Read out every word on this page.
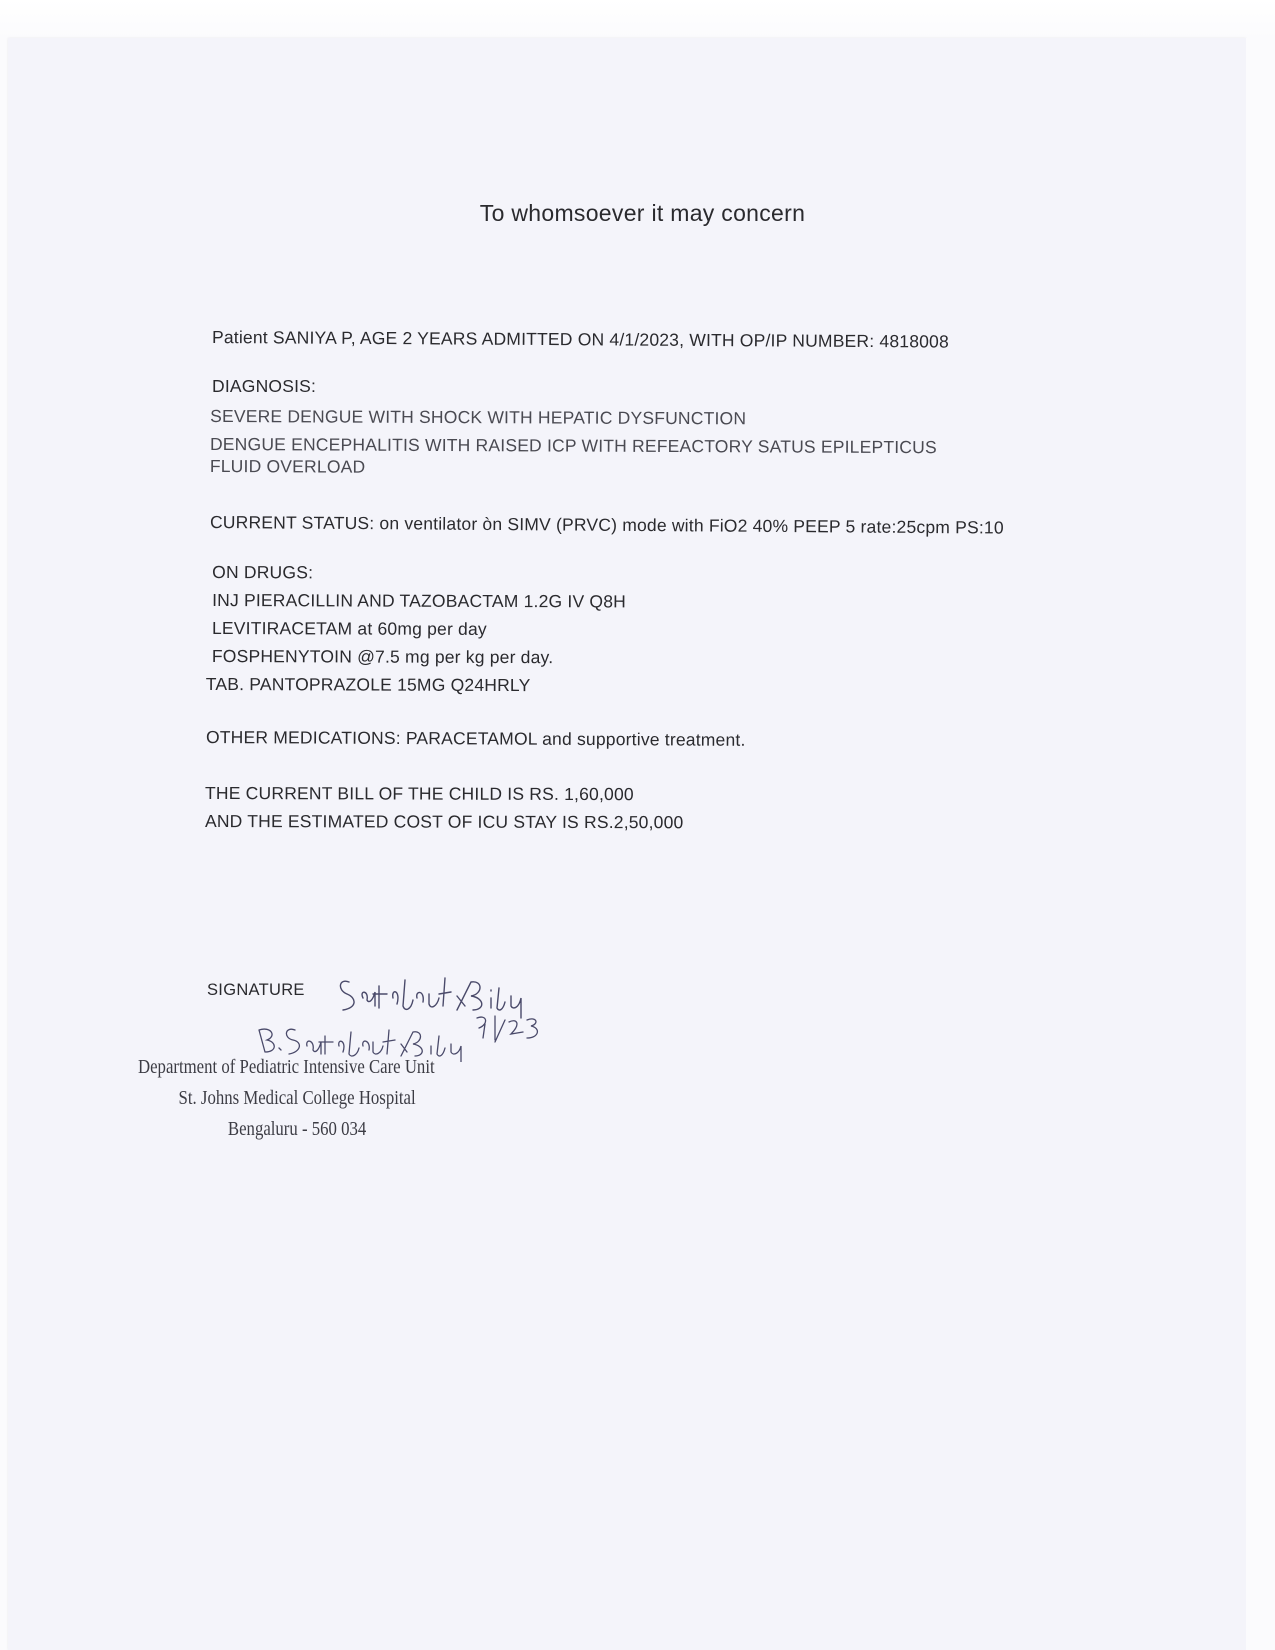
To whomsoever it may concern
Patient SANIYA P, AGE 2 YEARS ADMITTED ON 4/1/2023, WITH OP/IP NUMBER: 4818008
DIAGNOSIS:
SEVERE DENGUE WITH SHOCK WITH HEPATIC DYSFUNCTION
DENGUE ENCEPHALITIS WITH RAISED ICP WITH REFEACTORY SATUS EPILEPTICUS
FLUID OVERLOAD
CURRENT STATUS: on ventilator òn SIMV (PRVC) mode with FiO2 40% PEEP 5 rate:25cpm PS:10
ON DRUGS:
INJ PIERACILLIN AND TAZOBACTAM 1.2G IV Q8H
LEVITIRACETAM at 60mg per day
FOSPHENYTOIN @7.5 mg per kg per day.
TAB. PANTOPRAZOLE 15MG Q24HRLY
OTHER MEDICATIONS: PARACETAMOL and supportive treatment.
THE CURRENT BILL OF THE CHILD IS RS. 1,60,000
AND THE ESTIMATED COST OF ICU STAY IS RS.2,50,000
SIGNATURE
Department of Pediatric Intensive Care Unit
St. Johns Medical College Hospital
Bengaluru - 560 034
